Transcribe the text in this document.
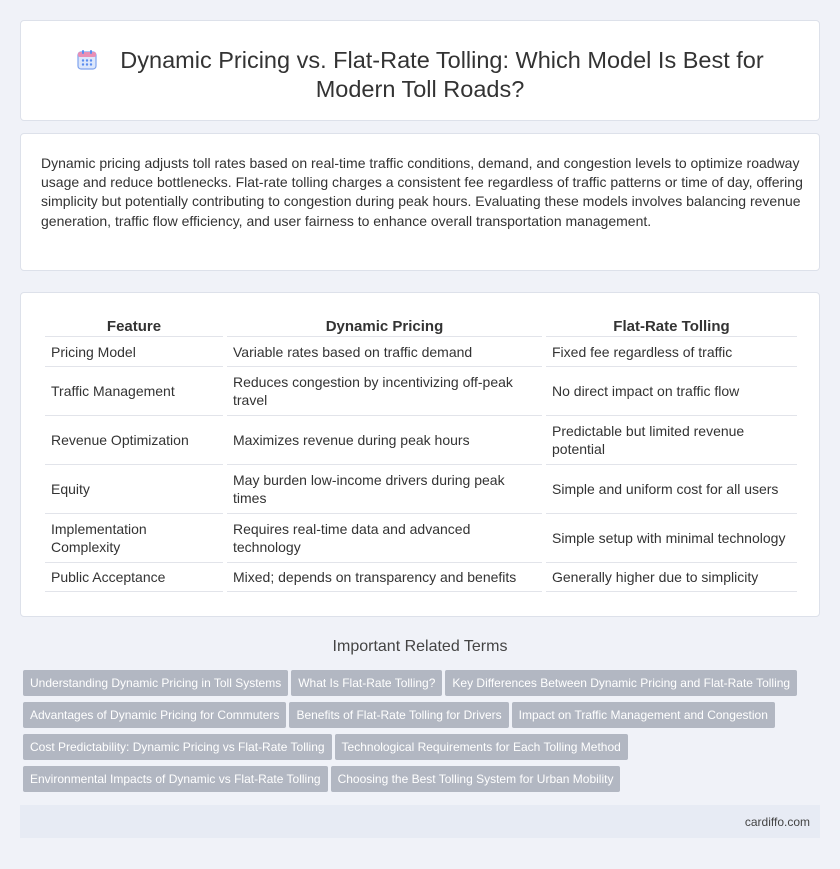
Dynamic Pricing vs. Flat-Rate Tolling: Which Model Is Best for Modern Toll Roads?

Dynamic pricing adjusts toll rates based on real-time traffic conditions, demand, and congestion levels to optimize roadway usage and reduce bottlenecks. Flat-rate tolling charges a consistent fee regardless of traffic patterns or time of day, offering simplicity but potentially contributing to congestion during peak hours. Evaluating these models involves balancing revenue generation, traffic flow efficiency, and user fairness to enhance overall transportation management.

Feature	Dynamic Pricing	Flat-Rate Tolling
Pricing Model	Variable rates based on traffic demand	Fixed fee regardless of traffic
Traffic Management	Reduces congestion by incentivizing off-peak travel	No direct impact on traffic flow
Revenue Optimization	Maximizes revenue during peak hours	Predictable but limited revenue potential
Equity	May burden low-income drivers during peak times	Simple and uniform cost for all users
Implementation Complexity	Requires real-time data and advanced technology	Simple setup with minimal technology
Public Acceptance	Mixed; depends on transparency and benefits	Generally higher due to simplicity
Important Related Terms
Understanding Dynamic Pricing in Toll Systems What Is Flat-Rate Tolling? Key Differences Between Dynamic Pricing and Flat-Rate Tolling
Advantages of Dynamic Pricing for Commuters Benefits of Flat-Rate Tolling for Drivers Impact on Traffic Management and Congestion
Cost Predictability: Dynamic Pricing vs Flat-Rate Tolling Technological Requirements for Each Tolling Method
Environmental Impacts of Dynamic vs Flat-Rate Tolling Choosing the Best Tolling System for Urban Mobility
cardiffo.com
